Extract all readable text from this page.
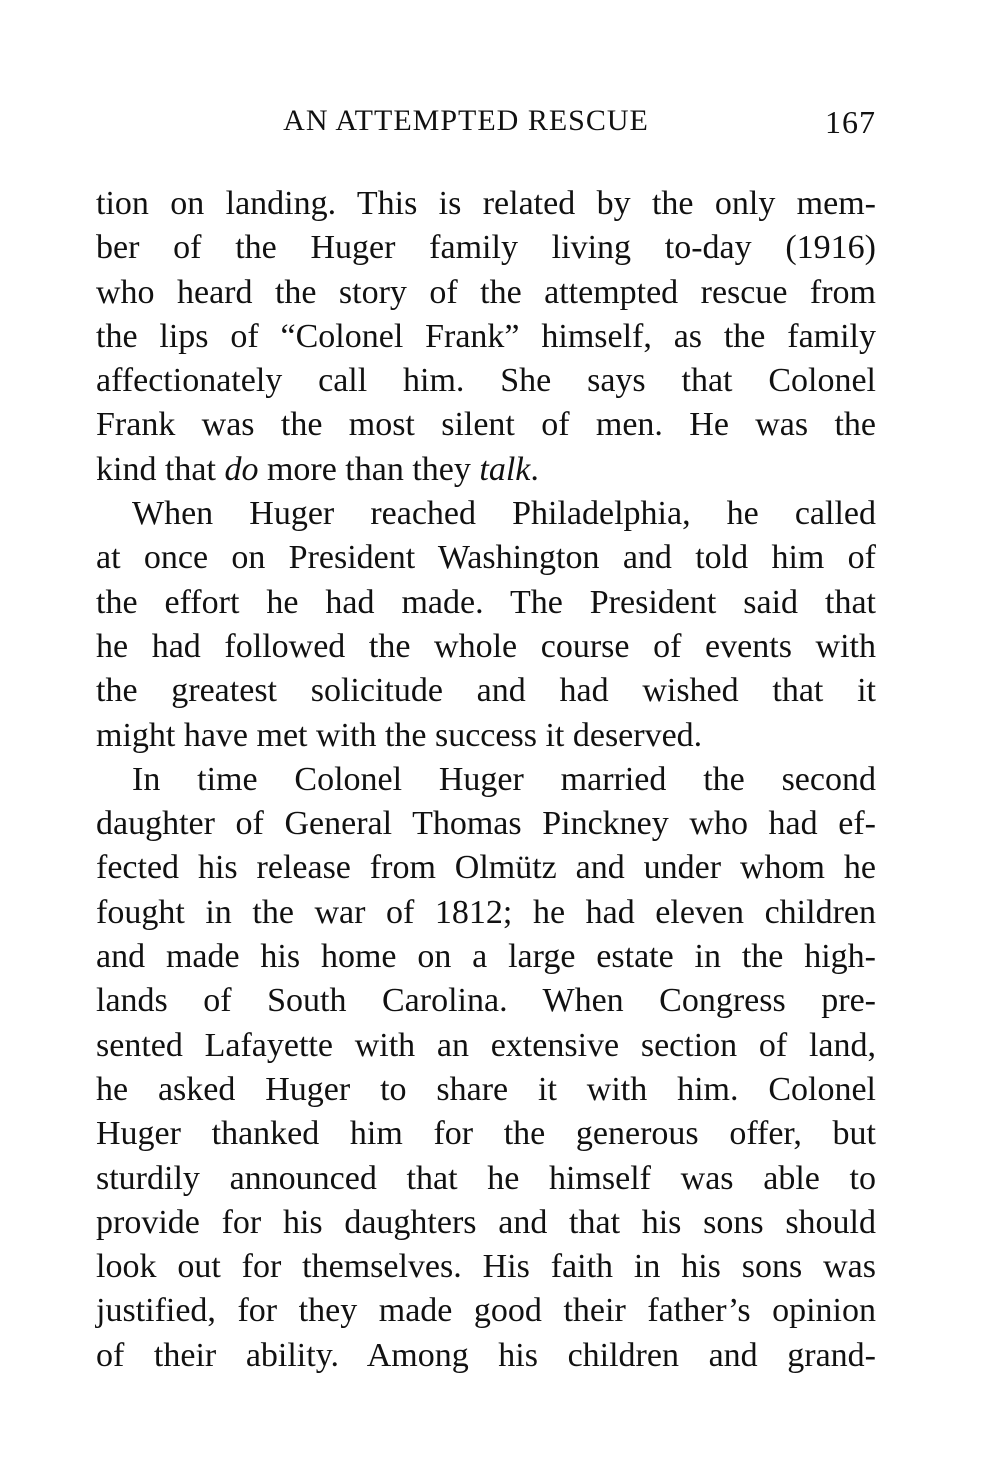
AN ATTEMPTED RESCUE	167
tion on landing. This is related by the only mem-
ber of the Huger family living to-day (1916)
who heard the story of the attempted rescue from
the lips of “Colonel Frank” himself, as the family
affectionately call him. She says that Colonel
Frank was the most silent of men. He was the
kind that do more than they talk.
When Huger reached Philadelphia, he called
at once on President Washington and told him of
the effort he had made. The President said that
he had followed the whole course of events with
the greatest solicitude and had wished that it
might have met with the success it deserved.
In time Colonel Huger married the second
daughter of General Thomas Pinckney who had ef-
fected his release from Olmütz and under whom he
fought in the war of 1812; he had eleven children
and made his home on a large estate in the high-
lands of South Carolina. When Congress pre-
sented Lafayette with an extensive section of land,
he asked Huger to share it with him. Colonel
Huger thanked him for the generous offer, but
sturdily announced that he himself was able to
provide for his daughters and that his sons should
look out for themselves. His faith in his sons was
justified, for they made good their father’s opinion
of their ability. Among his children and grand-
